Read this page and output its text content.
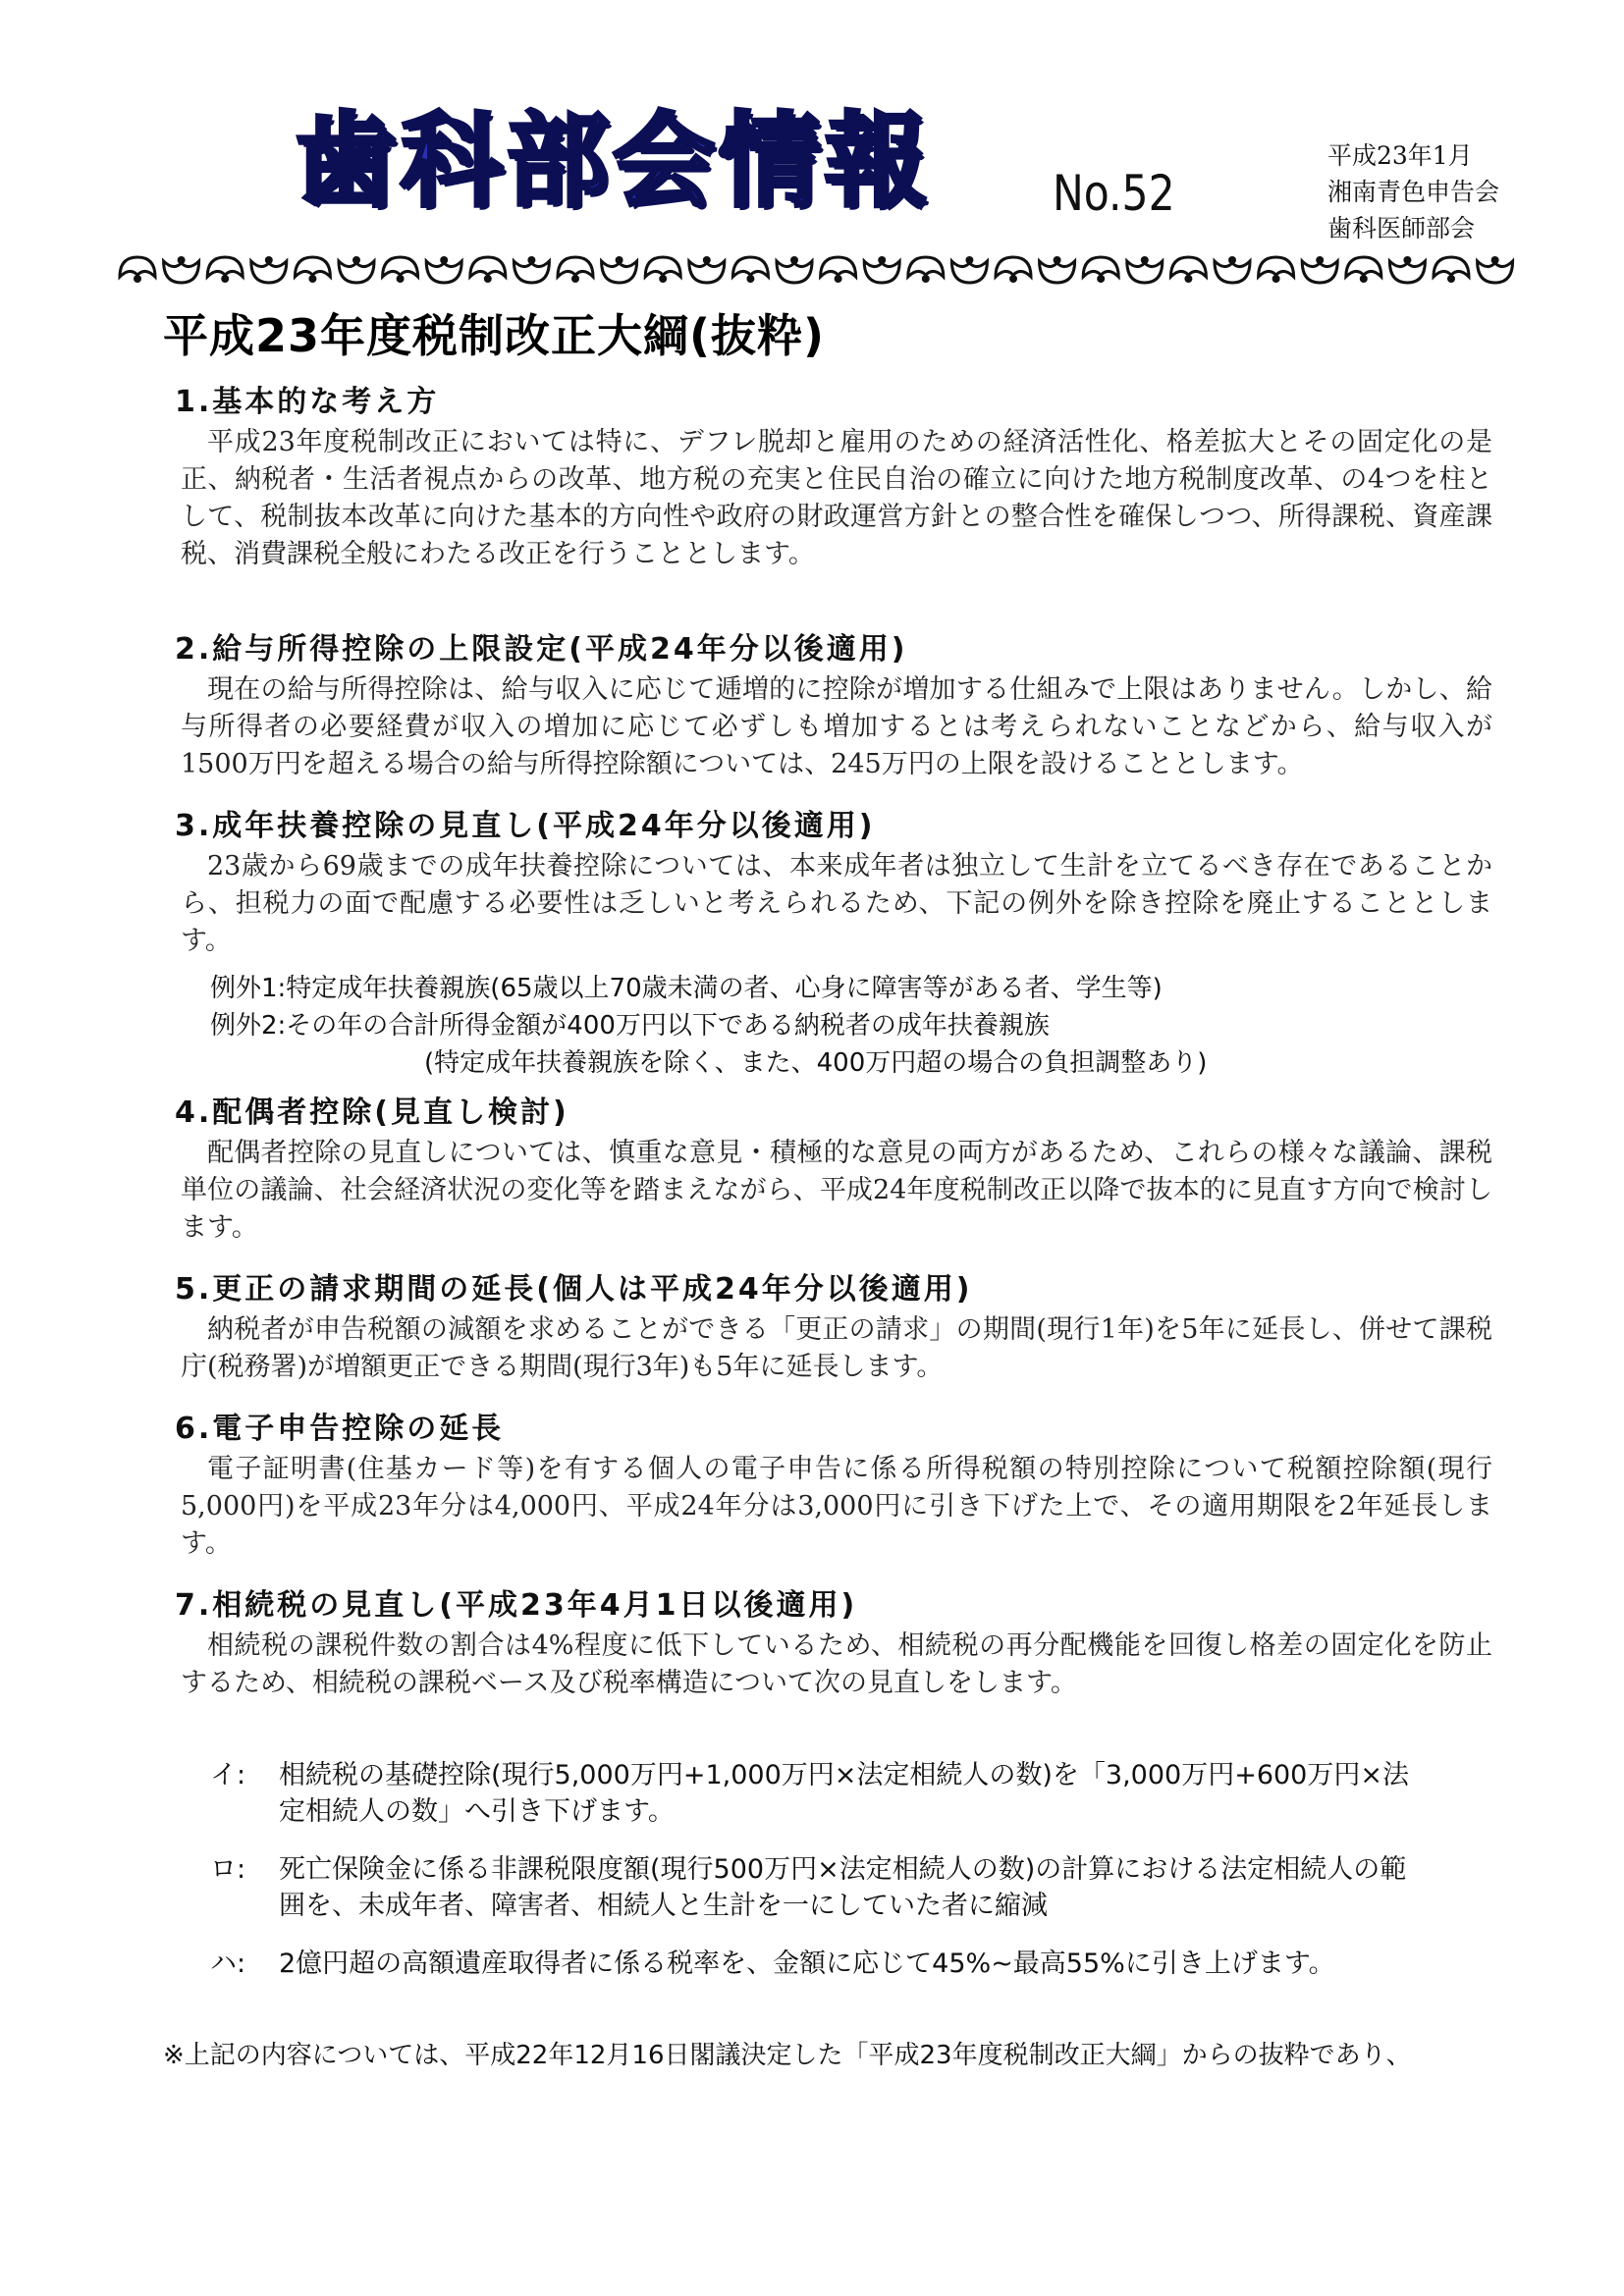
歯科部会情報 No.52
平成23年1月
湘南青色申告会
歯科医師部会
平成23年度税制改正大綱(抜粋)
1.基本的な考え方

平成23年度税制改正においては特に、デフレ脱却と雇用のための経済活性化、格差拡大とその固定化の是正、納税者・生活者視点からの改革、地方税の充実と住民自治の確立に向けた地方税制度改革、の4つを柱として、税制抜本改革に向けた基本的方向性や政府の財政運営方針との整合性を確保しつつ、所得課税、資産課税、消費課税全般にわたる改正を行うこととします。

2.給与所得控除の上限設定(平成24年分以後適用)

現在の給与所得控除は、給与収入に応じて逓増的に控除が増加する仕組みで上限はありません。しかし、給与所得者の必要経費が収入の増加に応じて必ずしも増加するとは考えられないことなどから、給与収入が1500万円を超える場合の給与所得控除額については、245万円の上限を設けることとします。

3.成年扶養控除の見直し(平成24年分以後適用)

23歳から69歳までの成年扶養控除については、本来成年者は独立して生計を立てるべき存在であることから、担税力の面で配慮する必要性は乏しいと考えられるため、下記の例外を除き控除を廃止することとします。

例外1:特定成年扶養親族(65歳以上70歳未満の者、心身に障害等がある者、学生等)
例外2:その年の合計所得金額が400万円以下である納税者の成年扶養親族
(特定成年扶養親族を除く、また、400万円超の場合の負担調整あり)
4.配偶者控除(見直し検討)

配偶者控除の見直しについては、慎重な意見・積極的な意見の両方があるため、これらの様々な議論、課税単位の議論、社会経済状況の変化等を踏まえながら、平成24年度税制改正以降で抜本的に見直す方向で検討します。

5.更正の請求期間の延長(個人は平成24年分以後適用)

納税者が申告税額の減額を求めることができる「更正の請求」の期間(現行1年)を5年に延長し、併せて課税庁(税務署)が増額更正できる期間(現行3年)も5年に延長します。

6.電子申告控除の延長

電子証明書(住基カード等)を有する個人の電子申告に係る所得税額の特別控除について税額控除額(現行5,000円)を平成23年分は4,000円、平成24年分は3,000円に引き下げた上で、その適用期限を2年延長します。

7.相続税の見直し(平成23年4月1日以後適用)

相続税の課税件数の割合は4%程度に低下しているため、相続税の再分配機能を回復し格差の固定化を防止するため、相続税の課税ベース及び税率構造について次の見直しをします。

イ:	相続税の基礎控除(現行5,000万円+1,000万円×法定相続人の数)を「3,000万円+600万円×法定相続人の数」へ引き下げます。
ロ:	死亡保険金に係る非課税限度額(現行500万円×法定相続人の数)の計算における法定相続人の範囲を、未成年者、障害者、相続人と生計を一にしていた者に縮減
ハ:	2億円超の高額遺産取得者に係る税率を、金額に応じて45%~最高55%に引き上げます。
※上記の内容については、平成22年12月16日閣議決定した「平成23年度税制改正大綱」からの抜粋であり、
